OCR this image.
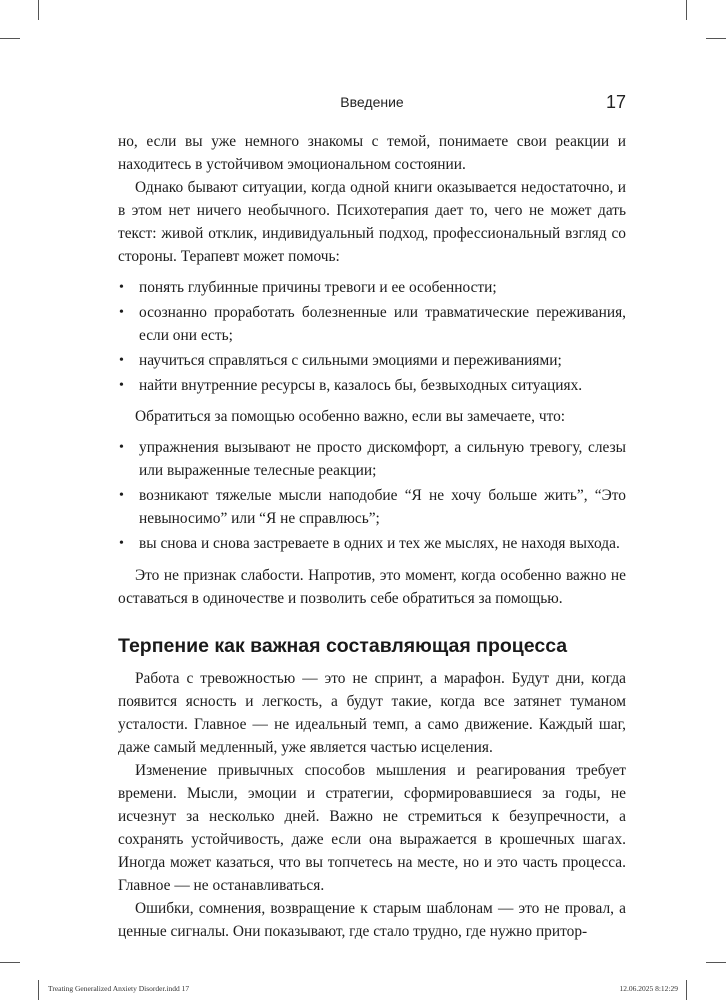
Введение	17

но, если вы уже немного знакомы с темой, понимаете свои реакции и находитесь в устойчивом эмоциональном состоянии.

Однако бывают ситуации, когда одной книги оказывается недостаточно, и в этом нет ничего необычного. Психотерапия дает то, чего не может дать текст: живой отклик, индивидуальный подход, профессиональный взгляд со стороны. Терапевт может помочь:

• понять глубинные причины тревоги и ее особенности;
• осознанно проработать болезненные или травматические переживания, если они есть;
• научиться справляться с сильными эмоциями и переживаниями;
• найти внутренние ресурсы в, казалось бы, безвыходных ситуациях.

Обратиться за помощью особенно важно, если вы замечаете, что:

• упражнения вызывают не просто дискомфорт, а сильную тревогу, слезы или выраженные телесные реакции;
• возникают тяжелые мысли наподобие “Я не хочу больше жить”, “Это невыносимо” или “Я не справлюсь”;
• вы снова и снова застреваете в одних и тех же мыслях, не находя выхода.

Это не признак слабости. Напротив, это момент, когда особенно важно не оставаться в одиночестве и позволить себе обратиться за помощью.

Терпение как важная составляющая процесса

Работа с тревожностью — это не спринт, а марафон. Будут дни, когда появится ясность и легкость, а будут такие, когда все затянет туманом усталости. Главное — не идеальный темп, а само движение. Каждый шаг, даже самый медленный, уже является частью исцеления.

Изменение привычных способов мышления и реагирования требует времени. Мысли, эмоции и стратегии, сформировавшиеся за годы, не исчезнут за несколько дней. Важно не стремиться к безупречности, а сохранять устойчивость, даже если она выражается в крошечных шагах. Иногда может казаться, что вы топчетесь на месте, но и это часть процесса. Главное — не останавливаться.

Ошибки, сомнения, возвращение к старым шаблонам — это не провал, а ценные сигналы. Они показывают, где стало трудно, где нужно притор-

Treating Generalized Anxiety Disorder.indd 17	12.06.2025 8:12:29
